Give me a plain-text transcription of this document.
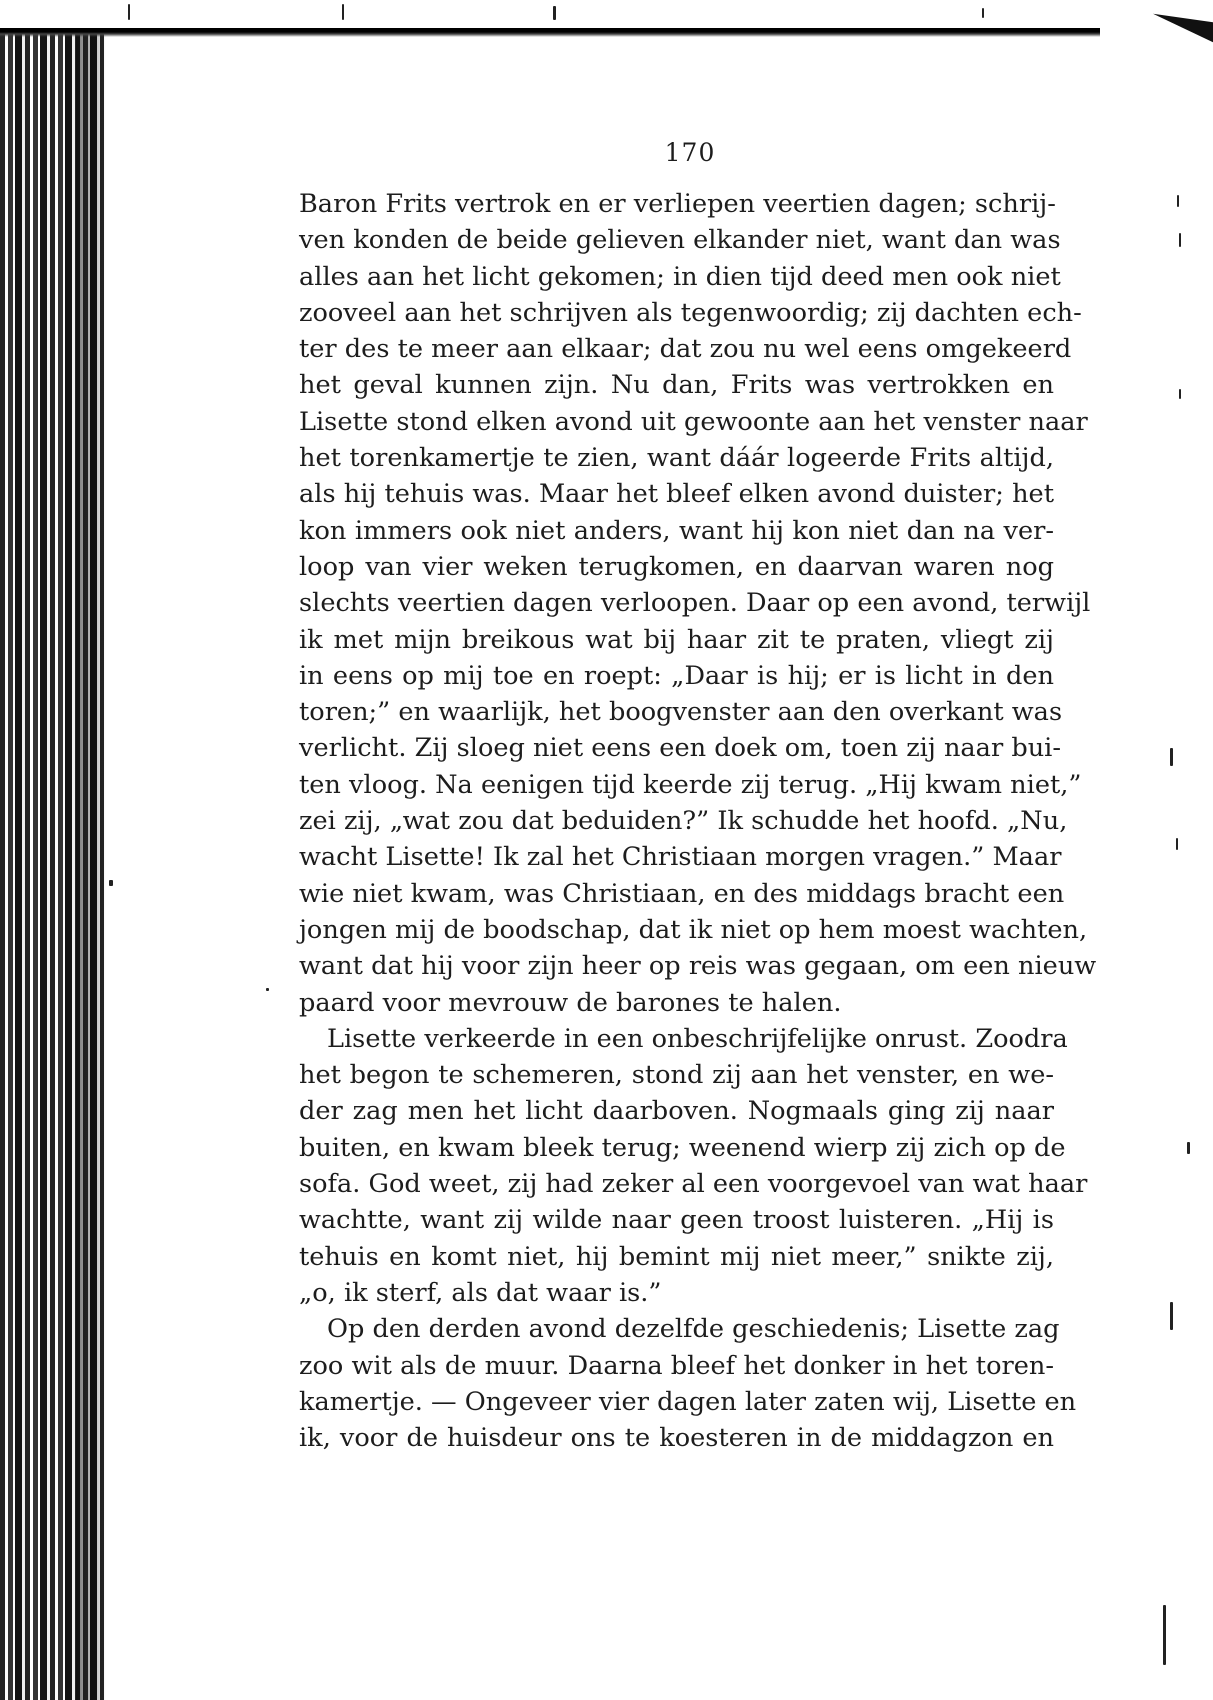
170
Baron Frits vertrok en er verliepen veertien dagen; schrij-
ven konden de beide gelieven elkander niet, want dan was
alles aan het licht gekomen; in dien tijd deed men ook niet
zooveel aan het schrijven als tegenwoordig; zij dachten ech-
ter des te meer aan elkaar; dat zou nu wel eens omgekeerd
het geval kunnen zijn. Nu dan, Frits was vertrokken en
Lisette stond elken avond uit gewoonte aan het venster naar
het torenkamertje te zien, want dáár logeerde Frits altijd,
als hij tehuis was. Maar het bleef elken avond duister; het
kon immers ook niet anders, want hij kon niet dan na ver-
loop van vier weken terugkomen, en daarvan waren nog
slechts veertien dagen verloopen. Daar op een avond, terwijl
ik met mijn breikous wat bij haar zit te praten, vliegt zij
in eens op mij toe en roept: „Daar is hij; er is licht in den
toren;” en waarlijk, het boogvenster aan den overkant was
verlicht. Zij sloeg niet eens een doek om, toen zij naar bui-
ten vloog. Na eenigen tijd keerde zij terug. „Hij kwam niet,”
zei zij, „wat zou dat beduiden?” Ik schudde het hoofd. „Nu,
wacht Lisette! Ik zal het Christiaan morgen vragen.” Maar
wie niet kwam, was Christiaan, en des middags bracht een
jongen mij de boodschap, dat ik niet op hem moest wachten,
want dat hij voor zijn heer op reis was gegaan, om een nieuw
paard voor mevrouw de barones te halen.
Lisette verkeerde in een onbeschrijfelijke onrust. Zoodra
het begon te schemeren, stond zij aan het venster, en we-
der zag men het licht daarboven. Nogmaals ging zij naar
buiten, en kwam bleek terug; weenend wierp zij zich op de
sofa. God weet, zij had zeker al een voorgevoel van wat haar
wachtte, want zij wilde naar geen troost luisteren. „Hij is
tehuis en komt niet, hij bemint mij niet meer,” snikte zij,
„o, ik sterf, als dat waar is.”
Op den derden avond dezelfde geschiedenis; Lisette zag
zoo wit als de muur. Daarna bleef het donker in het toren-
kamertje. — Ongeveer vier dagen later zaten wij, Lisette en
ik, voor de huisdeur ons te koesteren in de middagzon en
